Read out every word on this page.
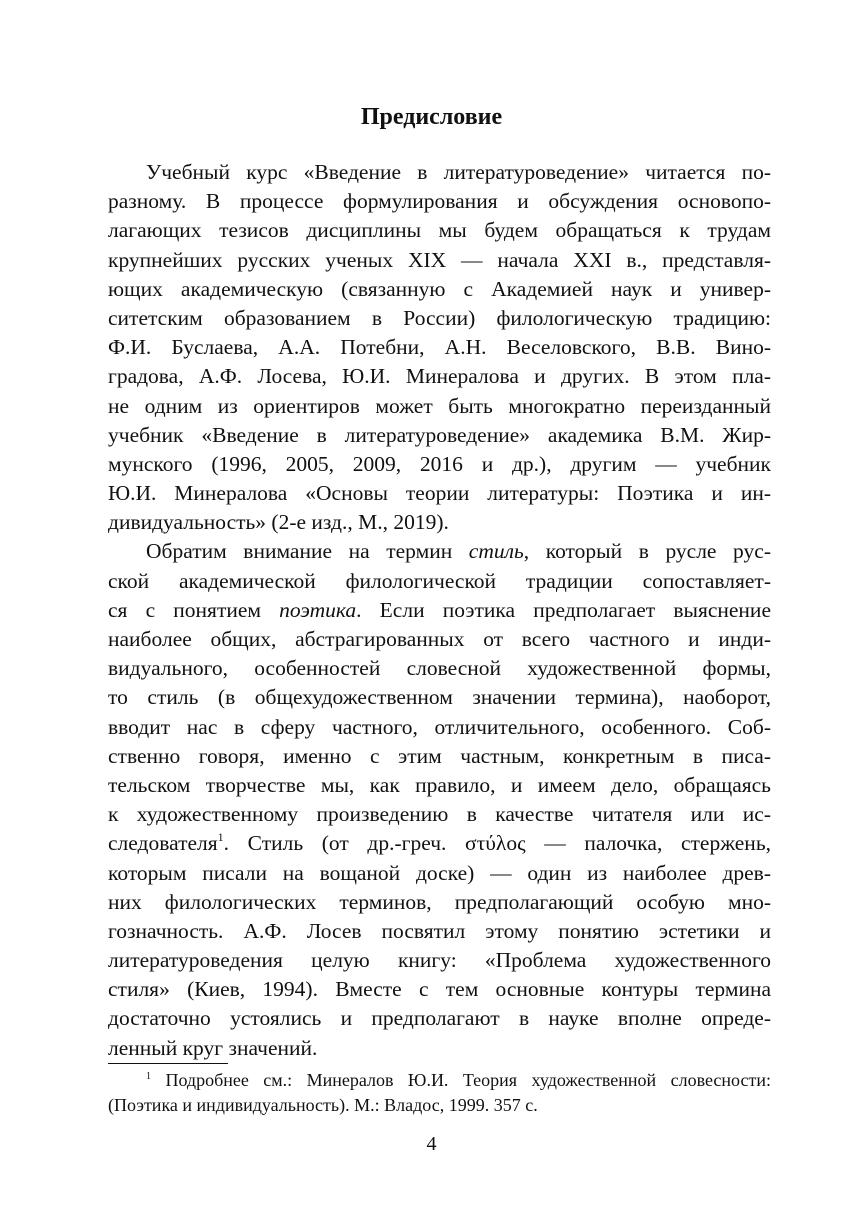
Предисловие
Учебный курс «Введение в литературоведение» читается по-
разному. В процессе формулирования и обсуждения основопо-
лагающих тезисов дисциплины мы будем обращаться к трудам
крупнейших русских ученых XIX — начала XXI в., представля-
ющих академическую (связанную с Академией наук и универ-
ситетским образованием в России) филологическую традицию:
Ф.И. Буслаева, А.А. Потебни, А.Н. Веселовского, В.В. Вино-
градова, А.Ф. Лосева, Ю.И. Минералова и других. В этом пла-
не одним из ориентиров может быть многократно переизданный
учебник «Введение в литературоведение» академика В.М. Жир-
мунского (1996, 2005, 2009, 2016 и др.), другим — учебник
Ю.И. Минералова «Основы теории литературы: Поэтика и ин-
дивидуальность» (2-е изд., М., 2019).
Обратим внимание на термин стиль, который в русле рус-
ской академической филологической традиции сопоставляет-
ся с понятием поэтика. Если поэтика предполагает выяснение
наиболее общих, абстрагированных от всего частного и инди-
видуального, особенностей словесной художественной формы,
то стиль (в общехудожественном значении термина), наоборот,
вводит нас в сферу частного, отличительного, особенного. Соб-
ственно говоря, именно с этим частным, конкретным в писа-
тельском творчестве мы, как правило, и имеем дело, обращаясь
к художественному произведению в качестве читателя или ис-
следователя$^1$. Стиль (от др.-греч. στύλος — палочка, стержень,
которым писали на вощаной доске) — один из наиболее древ-
них филологических терминов, предполагающий особую мно-
гозначность. А.Ф. Лосев посвятил этому понятию эстетики и
литературоведения целую книгу: «Проблема художественного
стиля» (Киев, 1994). Вместе с тем основные контуры термина
достаточно устоялись и предполагают в науке вполне опреде-
ленный круг значений.
$^1$ Подробнее см.: Минералов Ю.И. Теория художественной словесности:
(Поэтика и индивидуальность). М.: Владос, 1999. 357 с.
4
